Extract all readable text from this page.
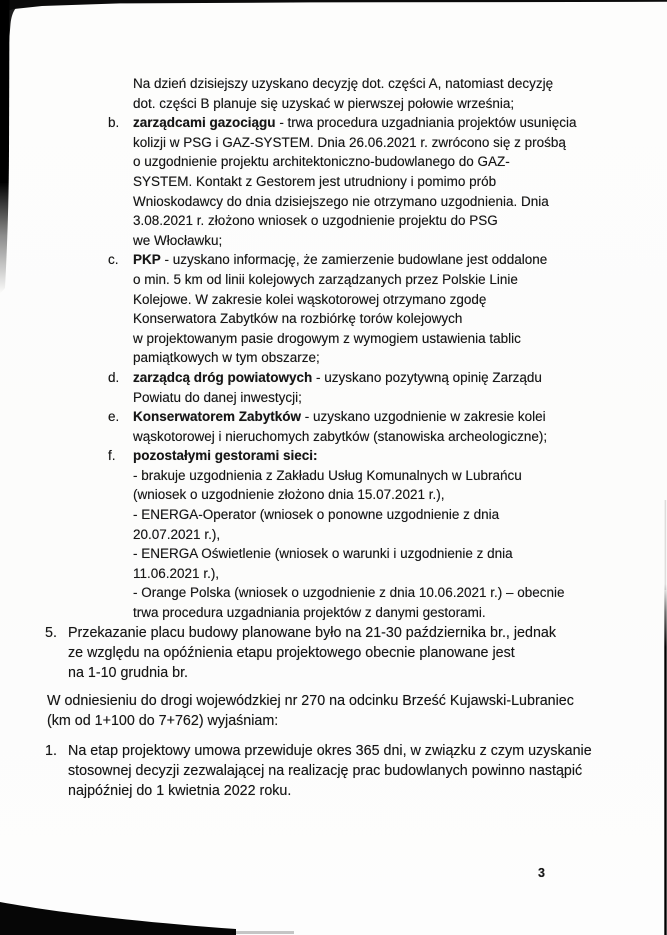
Na dzień dzisiejszy uzyskano decyzję dot. części A, natomiast decyzję
dot. części B planuje się uzyskać w pierwszej połowie września;
b. zarządcami gazociągu - trwa procedura uzgadniania projektów usunięcia
kolizji w PSG i GAZ-SYSTEM. Dnia 26.06.2021 r. zwrócono się z prośbą
o uzgodnienie projektu architektoniczno-budowlanego do GAZ-
SYSTEM. Kontakt z Gestorem jest utrudniony i pomimo prób
Wnioskodawcy do dnia dzisiejszego nie otrzymano uzgodnienia. Dnia
3.08.2021 r. złożono wniosek o uzgodnienie projektu do PSG
we Włocławku;
c. PKP - uzyskano informację, że zamierzenie budowlane jest oddalone
o min. 5 km od linii kolejowych zarządzanych przez Polskie Linie
Kolejowe. W zakresie kolei wąskotorowej otrzymano zgodę
Konserwatora Zabytków na rozbiórkę torów kolejowych
w projektowanym pasie drogowym z wymogiem ustawienia tablic
pamiątkowych w tym obszarze;
d. zarządcą dróg powiatowych - uzyskano pozytywną opinię Zarządu
Powiatu do danej inwestycji;
e. Konserwatorem Zabytków - uzyskano uzgodnienie w zakresie kolei
wąskotorowej i nieruchomych zabytków (stanowiska archeologiczne);
f. pozostałymi gestorami sieci:
- brakuje uzgodnienia z Zakładu Usług Komunalnych w Lubrańcu
(wniosek o uzgodnienie złożono dnia 15.07.2021 r.),
- ENERGA-Operator (wniosek o ponowne uzgodnienie z dnia
20.07.2021 r.),
- ENERGA Oświetlenie (wniosek o warunki i uzgodnienie z dnia
11.06.2021 r.),
- Orange Polska (wniosek o uzgodnienie z dnia 10.06.2021 r.) – obecnie
trwa procedura uzgadniania projektów z danymi gestorami.
5. Przekazanie placu budowy planowane było na 21-30 października br., jednak
ze względu na opóźnienia etapu projektowego obecnie planowane jest
na 1-10 grudnia br.
W odniesieniu do drogi wojewódzkiej nr 270 na odcinku Brześć Kujawski-Lubraniec
(km od 1+100 do 7+762) wyjaśniam:
1. Na etap projektowy umowa przewiduje okres 365 dni, w związku z czym uzyskanie
stosownej decyzji zezwalającej na realizację prac budowlanych powinno nastąpić
najpóźniej do 1 kwietnia 2022 roku.
3
